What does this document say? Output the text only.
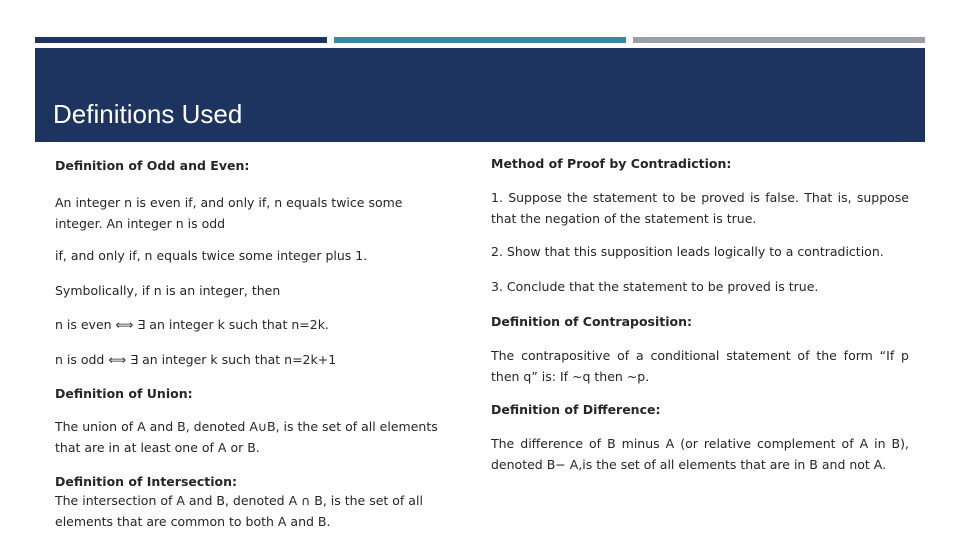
Definitions Used

Definition of Odd and Even:

An integer n is even if, and only if, n equals twice some integer. An integer n is odd

if, and only if, n equals twice some integer plus 1.

Symbolically, if n is an integer, then

n is even ⟺ ∃ an integer k such that n=2k.

n is odd ⟺ ∃ an integer k such that n=2k+1

Definition of Union:

The union of A and B, denoted A∪B, is the set of all elements that are in at least one of A or B.

Definition of Intersection:

The intersection of A and B, denoted A ∩ B, is the set of all elements that are common to both A and B.

Method of Proof by Contradiction:

1. Suppose the statement to be proved is false. That is, suppose that the negation of the statement is true.

2. Show that this supposition leads logically to a contradiction.

3. Conclude that the statement to be proved is true.

Definition of Contraposition:

The contrapositive of a conditional statement of the form “If p then q” is: If ~q then ~p.

Definition of Difference:

The difference of B minus A (or relative complement of A in B), denoted B− A,is the set of all elements that are in B and not A.
